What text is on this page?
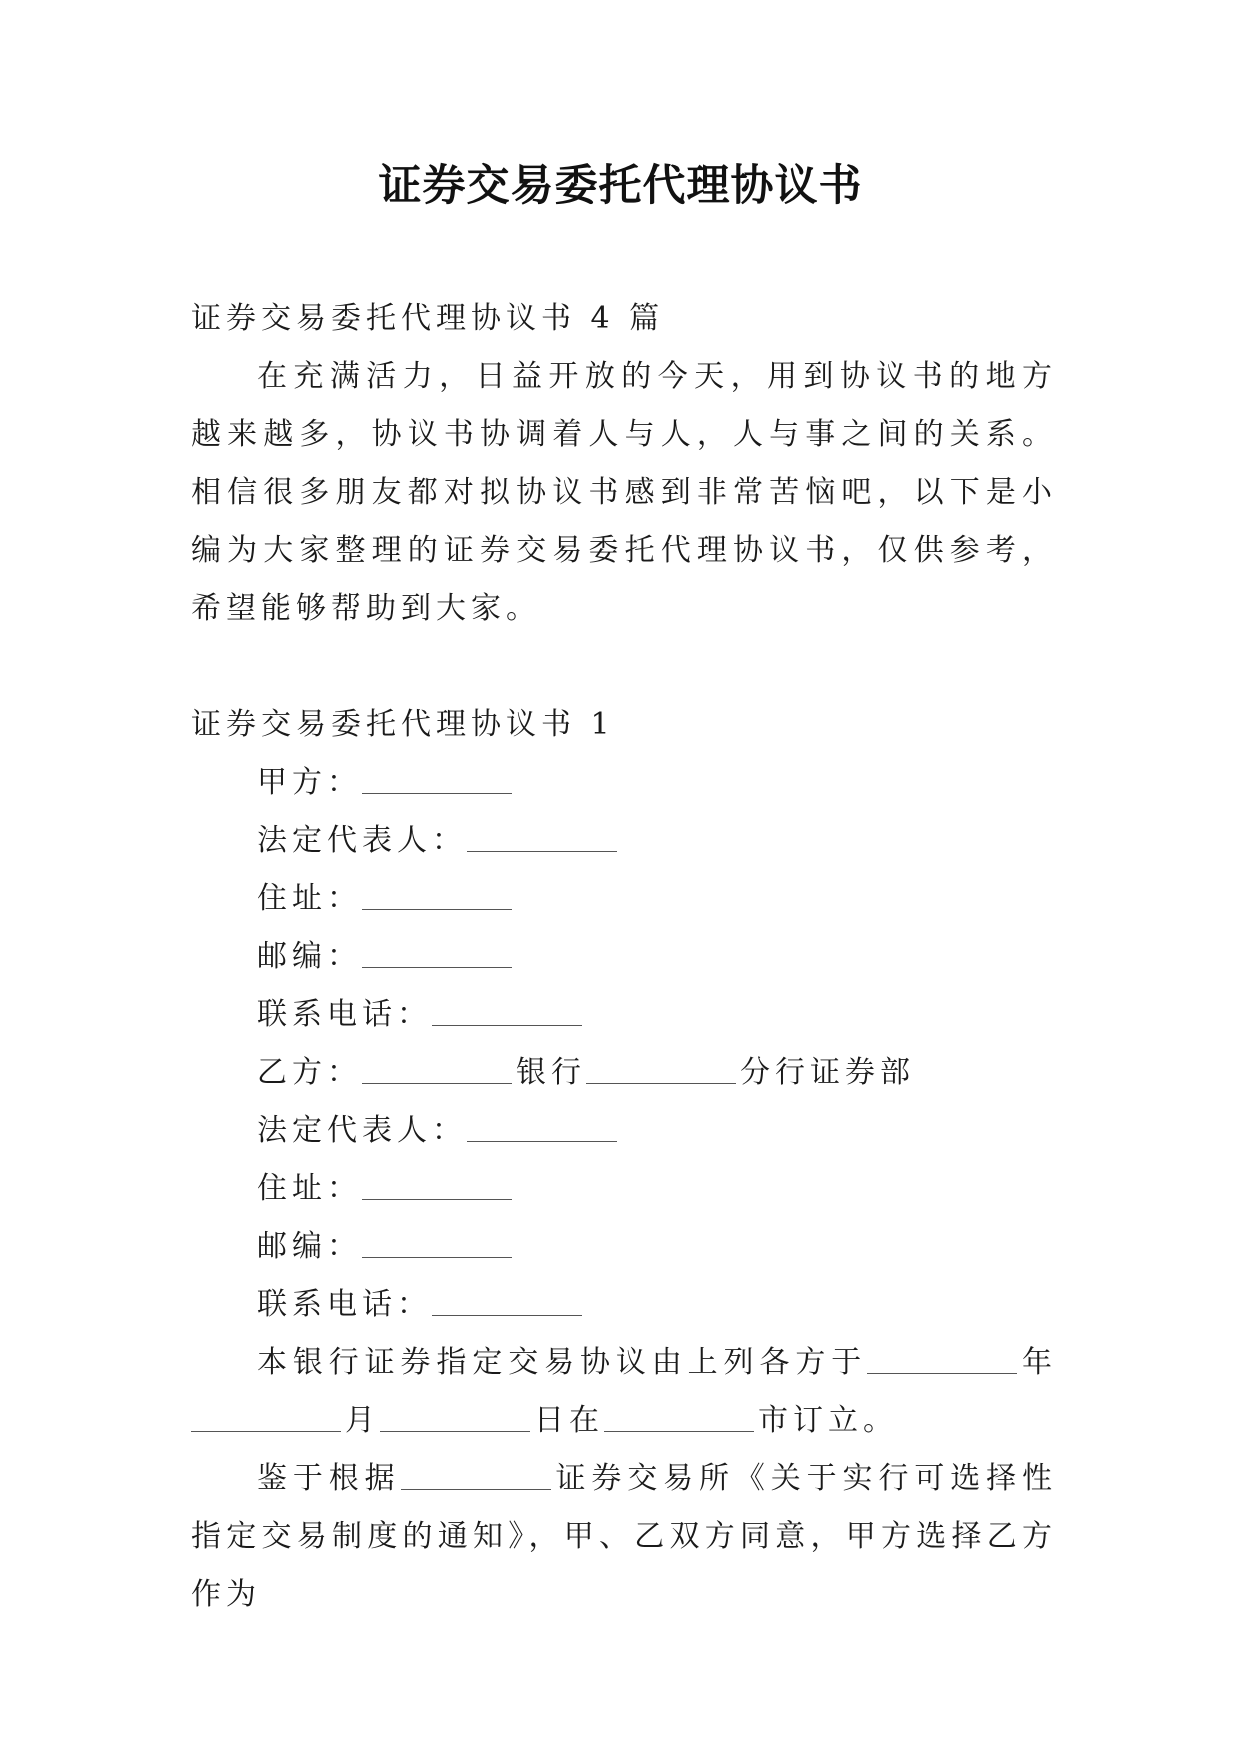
证券交易委托代理协议书

证券交易委托代理协议书 4 篇

在充满活力，日益开放的今天，用到协议书的地方越来越多，协议书协调着人与人，人与事之间的关系。相信很多朋友都对拟协议书感到非常苦恼吧，以下是小编为大家整理的证券交易委托代理协议书，仅供参考，希望能够帮助到大家。

证券交易委托代理协议书 1

甲方：

法定代表人：

住址：

邮编：

联系电话：

乙方：	银行	分行证券部

法定代表人：

住址：

邮编：

联系电话：

本银行证券指定交易协议由上列各方于	年月	日在	市订立。

鉴于根据	证券交易所《关于实行可选择性指定交易制度的通知》，甲、乙双方同意，甲方选择乙方作为
